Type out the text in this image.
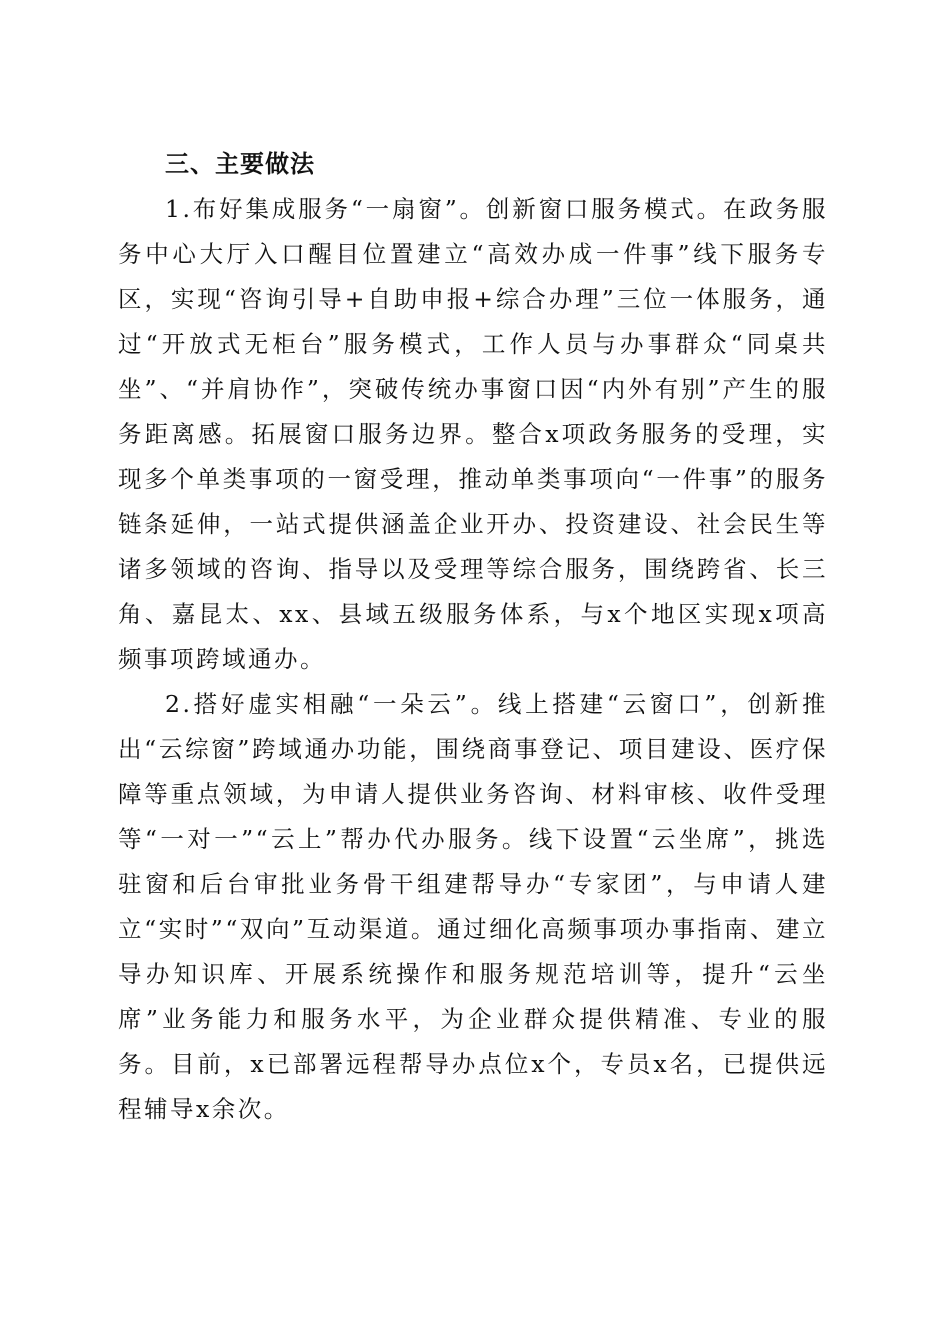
三、主要做法

1.布好集成服务“一扇窗”。创新窗口服务模式。在政务服务中心大厅入口醒目位置建立“高效办成一件事”线下服务专区，实现“咨询引导+自助申报+综合办理”三位一体服务，通过“开放式无柜台”服务模式，工作人员与办事群众“同桌共坐”、“并肩协作”，突破传统办事窗口因“内外有别”产生的服务距离感。拓展窗口服务边界。整合x项政务服务的受理，实现多个单类事项的一窗受理，推动单类事项向“一件事”的服务链条延伸，一站式提供涵盖企业开办、投资建设、社会民生等诸多领域的咨询、指导以及受理等综合服务，围绕跨省、长三角、嘉昆太、xx、县域五级服务体系，与x个地区实现x项高频事项跨域通办。

2.搭好虚实相融“一朵云”。线上搭建“云窗口”，创新推出“云综窗”跨域通办功能，围绕商事登记、项目建设、医疗保障等重点领域，为申请人提供业务咨询、材料审核、收件受理等“一对一”“云上”帮办代办服务。线下设置“云坐席”，挑选驻窗和后台审批业务骨干组建帮导办“专家团”，与申请人建立“实时”“双向”互动渠道。通过细化高频事项办事指南、建立导办知识库、开展系统操作和服务规范培训等，提升“云坐席”业务能力和服务水平，为企业群众提供精准、专业的服务。目前，x已部署远程帮导办点位x个，专员x名，已提供远程辅导x余次。
